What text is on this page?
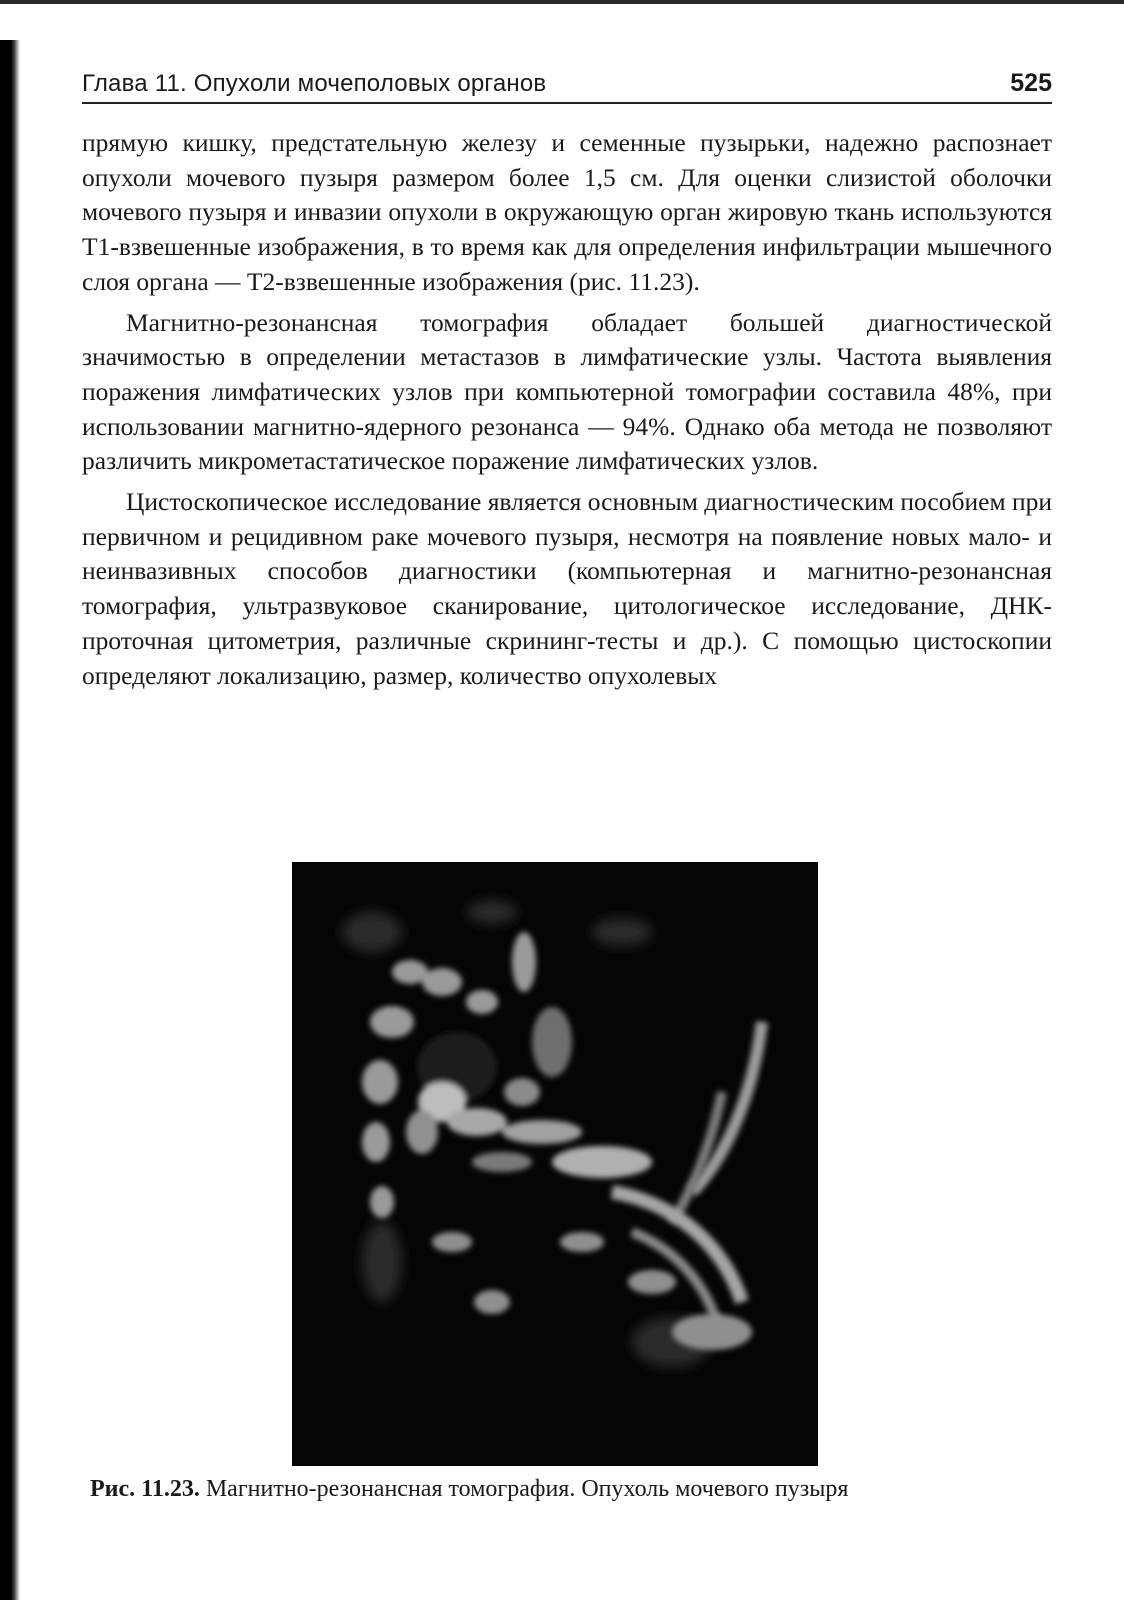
Глава 11. Опухоли мочеполовых органов	525

прямую кишку, предстательную железу и семенные пузырьки, надежно распознает опухоли мочевого пузыря размером более 1,5 см. Для оценки слизистой оболочки мочевого пузыря и инвазии опухоли в окружающую орган жировую ткань используются Т1-взвешенные изображения, в то время как для определения инфильтрации мышечного слоя органа — Т2-взвешенные изображения (рис. 11.23).

Магнитно-резонансная томография обладает большей диагностической значимостью в определении метастазов в лимфатические узлы. Частота выявления поражения лимфатических узлов при компьютерной томографии составила 48%, при использовании магнитно-ядерного резонанса — 94%. Однако оба метода не позволяют различить микрометастатическое поражение лимфатических узлов.

Цистоскопическое исследование является основным диагностическим пособием при первичном и рецидивном раке мочевого пузыря, несмотря на появление новых мало- и неинвазивных способов диагностики (компьютерная и магнитно-резонансная томография, ультразвуковое сканирование, цитологическое исследование, ДНК-проточная цитометрия, различные скрининг-тесты и др.). С помощью цистоскопии определяют локализацию, размер, количество опухолевых

Рис. 11.23. Магнитно-резонансная томография. Опухоль мочевого пузыря
